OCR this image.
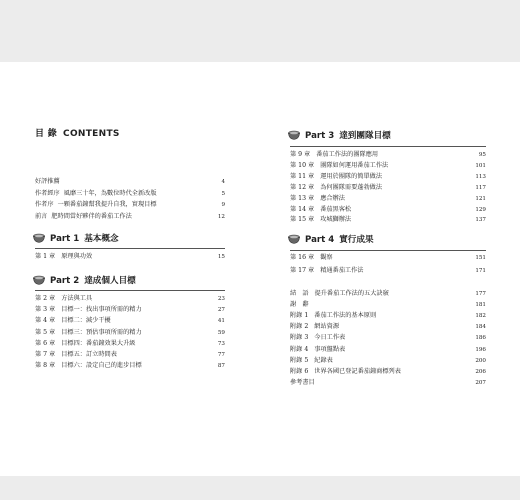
目 錄 CONTENTS
好評推薦	4
作者經序 風靡三十年，為數位時代全新改版	5
作者序 一顆番茄鐘幫我提升自我，實現目標	9
前言 肥時間當好夥伴的番茄工作法	12
Part 1 基本概念
第 1 章 原理與功效	15
Part 2 達成個人目標
第 2 章 方法與工具	23
第 3 章 目標一：找出事項所需的精力	27
第 4 章 目標二：減少干擾	41
第 5 章 目標三：預估事項所需的精力	59
第 6 章 目標四：番茄鐘效果大升級	73
第 7 章 目標五：訂立時間表	77
第 8 章 目標六：設定自己的進步目標	87
Part 3 達到團隊目標
第 9 章 番茄工作法的團隊應用	95
第 10 章 團隊如何運用番茄工作法	101
第 11 章 運用於團隊的簡單做法	113
第 12 章 為何團隊需要蓬勃做法	117
第 13 章 應合辦法	121
第 14 章 番茄黑客松	129
第 15 章 攻城獅辦法	137
Part 4 實行成果
第 16 章 觀察	151
第 17 章 精通番茄工作法	171
結　語 提升番茄工作法的五大訣竅	177
謝　辭	181
附錄 1 番茄工作法的基本原則	182
附錄 2 網站資源	184
附錄 3 今日工作表	186
附錄 4 事項盤點表	196
附錄 5 紀錄表	200
附錄 6 世界各國已登記番茄鐘商標列表	206
參考書目	207
